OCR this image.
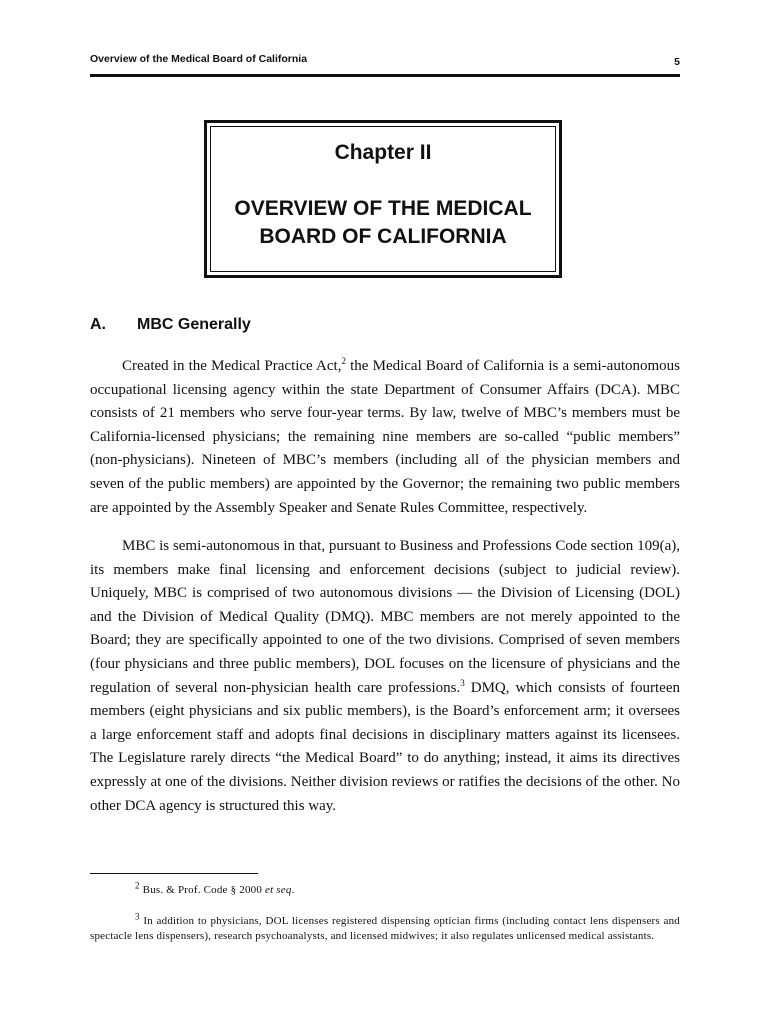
Overview of the Medical Board of California	5
Chapter II
OVERVIEW OF THE MEDICAL
BOARD OF CALIFORNIA
A. MBC Generally

Created in the Medical Practice Act,$^2$ the Medical Board of California is a semi-autonomous occupational licensing agency within the state Department of Consumer Affairs (DCA). MBC consists of 21 members who serve four-year terms. By law, twelve of MBC’s members must be California-licensed physicians; the remaining nine members are so-called “public members” (non-physicians). Nineteen of MBC’s members (including all of the physician members and seven of the public members) are appointed by the Governor; the remaining two public members are appointed by the Assembly Speaker and Senate Rules Committee, respectively.

MBC is semi-autonomous in that, pursuant to Business and Professions Code section 109(a), its members make final licensing and enforcement decisions (subject to judicial review). Uniquely, MBC is comprised of two autonomous divisions — the Division of Licensing (DOL) and the Division of Medical Quality (DMQ). MBC members are not merely appointed to the Board; they are specifically appointed to one of the two divisions. Comprised of seven members (four physicians and three public members), DOL focuses on the licensure of physicians and the regulation of several non-physician health care professions.$^3$ DMQ, which consists of fourteen members (eight physicians and six public members), is the Board’s enforcement arm; it oversees a large enforcement staff and adopts final decisions in disciplinary matters against its licensees. The Legislature rarely directs “the Medical Board” to do anything; instead, it aims its directives expressly at one of the divisions. Neither division reviews or ratifies the decisions of the other. No other DCA agency is structured this way.

$^2$ Bus. & Prof. Code § 2000 et seq.

$^3$ In addition to physicians, DOL licenses registered dispensing optician firms (including contact lens dispensers and spectacle lens dispensers), research psychoanalysts, and licensed midwives; it also regulates unlicensed medical assistants.
